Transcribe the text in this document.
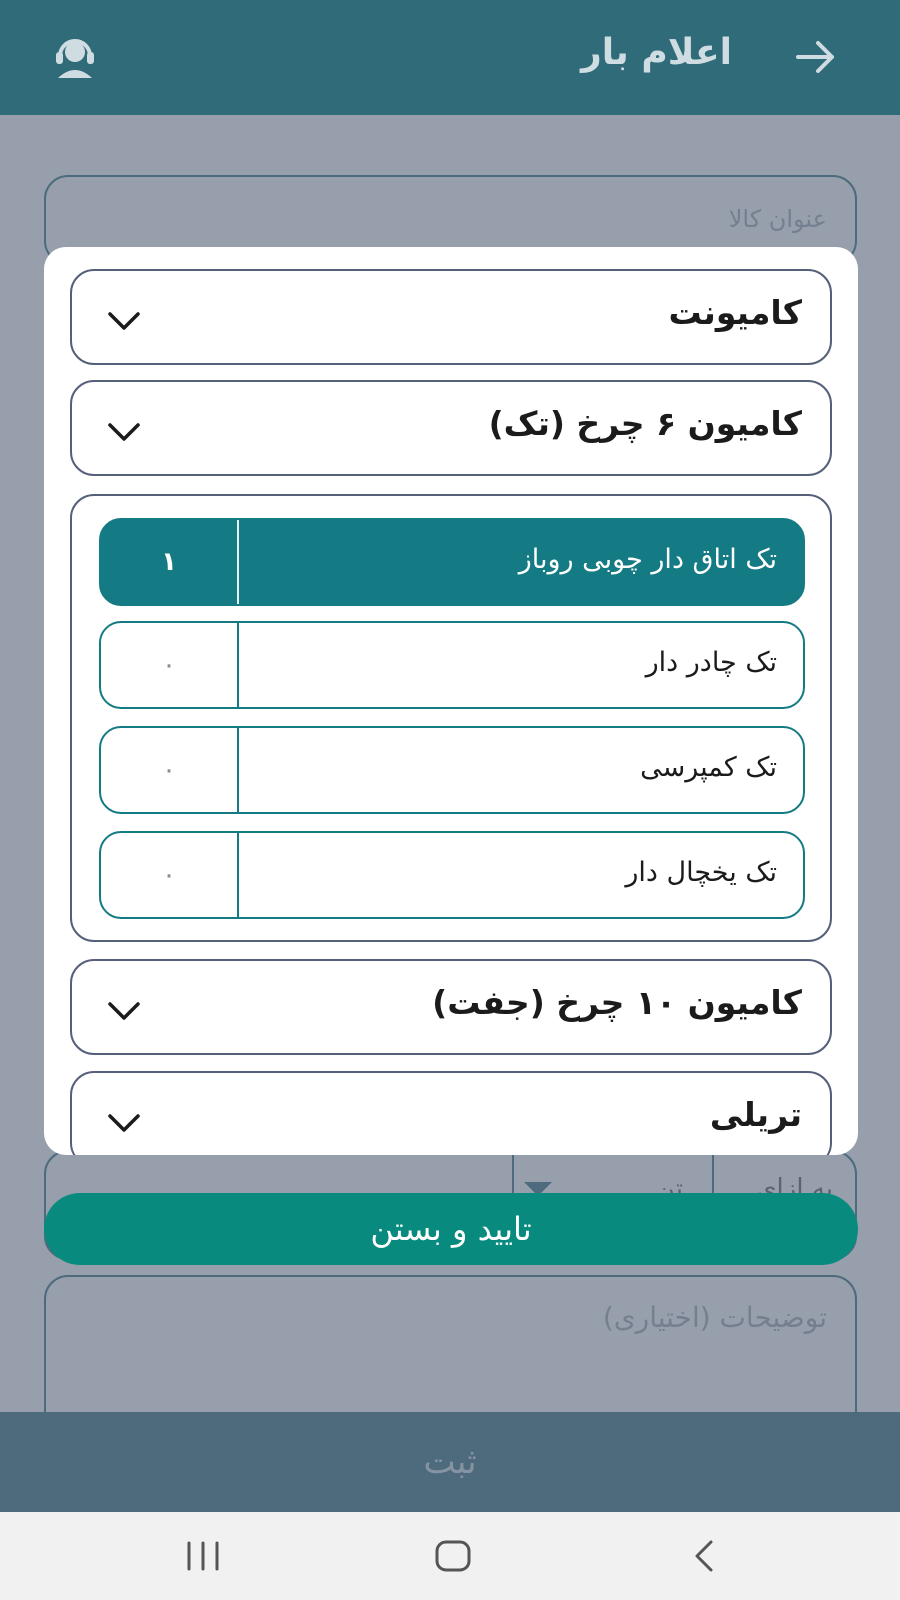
اعلام بار
کامیونت
کامیون ۶ چرخ (تک)
تک اتاق دار چوبی روباز
۱
تک چادر دار
۰
تک کمپرسی
۰
تک یخچال دار
۰
کامیون ۱۰ چرخ (جفت)
تریلی
تایید و بستن
